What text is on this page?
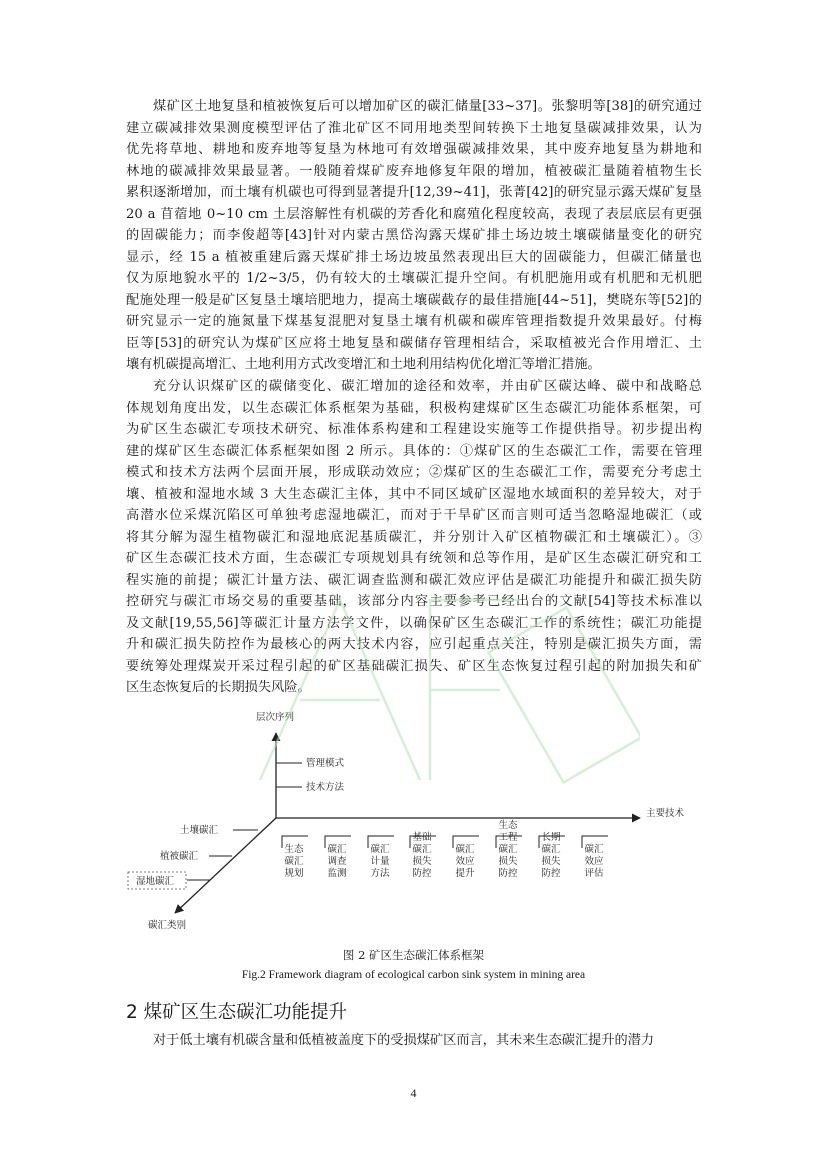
煤矿区土地复垦和植被恢复后可以增加矿区的碳汇储量[33~37]。张黎明等[38]的研究通过
建立碳减排效果测度模型评估了淮北矿区不同用地类型间转换下土地复垦碳减排效果，认为
优先将草地、耕地和废弃地等复垦为林地可有效增强碳减排效果，其中废弃地复垦为耕地和
林地的碳减排效果最显著。一般随着煤矿废弃地修复年限的增加，植被碳汇量随着植物生长
累积逐渐增加，而土壤有机碳也可得到显著提升[12,39~41]，张菁[42]的研究显示露天煤矿复垦
20 a 苜蓿地 0~10 cm 土层溶解性有机碳的芳香化和腐殖化程度较高，表现了表层底层有更强
的固碳能力；而李俊超等[43]针对内蒙古黑岱沟露天煤矿排土场边坡土壤碳储量变化的研究
显示，经 15 a 植被重建后露天煤矿排土场边坡虽然表现出巨大的固碳能力，但碳汇储量也
仅为原地貌水平的 1/2~3/5，仍有较大的土壤碳汇提升空间。有机肥施用或有机肥和无机肥
配施处理一般是矿区复垦土壤培肥地力，提高土壤碳截存的最佳措施[44~51]，樊晓东等[52]的
研究显示一定的施氮量下煤基复混肥对复垦土壤有机碳和碳库管理指数提升效果最好。付梅
臣等[53]的研究认为煤矿区应将土地复垦和碳储存管理相结合，采取植被光合作用增汇、土
壤有机碳提高增汇、土地利用方式改变增汇和土地利用结构优化增汇等增汇措施。
充分认识煤矿区的碳储变化、碳汇增加的途径和效率，并由矿区碳达峰、碳中和战略总
体规划角度出发，以生态碳汇体系框架为基础，积极构建煤矿区生态碳汇功能体系框架，可
为矿区生态碳汇专项技术研究、标准体系构建和工程建设实施等工作提供指导。初步提出构
建的煤矿区生态碳汇体系框架如图 2 所示。具体的：①煤矿区的生态碳汇工作，需要在管理
模式和技术方法两个层面开展，形成联动效应；②煤矿区的生态碳汇工作，需要充分考虑土
壤、植被和湿地水域 3 大生态碳汇主体，其中不同区域矿区湿地水域面积的差异较大，对于
高潜水位采煤沉陷区可单独考虑湿地碳汇，而对于干旱矿区而言则可适当忽略湿地碳汇（或
将其分解为湿生植物碳汇和湿地底泥基质碳汇，并分别计入矿区植物碳汇和土壤碳汇）。③
矿区生态碳汇技术方面，生态碳汇专项规划具有统领和总等作用，是矿区生态碳汇研究和工
程实施的前提；碳汇计量方法、碳汇调查监测和碳汇效应评估是碳汇功能提升和碳汇损失防
控研究与碳汇市场交易的重要基础，该部分内容主要参考已经出台的文献[54]等技术标准以
及文献[19,55,56]等碳汇计量方法学文件，以确保矿区生态碳汇工作的系统性；碳汇功能提
升和碳汇损失防控作为最核心的两大技术内容，应引起重点关注，特别是碳汇损失方面，需
要统筹处理煤炭开采过程引起的矿区基础碳汇损失、矿区生态恢复过程引起的附加损失和矿
区生态恢复后的长期损失风险。
层次序列
管理模式
技术方法
主要技术
碳汇类别
土壤碳汇
植被碳汇
湿地碳汇
生态
碳汇
规划
碳汇
调查
监测
碳汇
计量
方法
基础
碳汇
损失
防控
碳汇
效应
提升
生态
工程
碳汇
损失
防控
长期
碳汇
损失
防控
碳汇
效应
评估
图 2 矿区生态碳汇体系框架
Fig.2 Framework diagram of ecological carbon sink system in mining area
2 煤矿区生态碳汇功能提升
对于低土壤有机碳含量和低植被盖度下的受损煤矿区而言，其未来生态碳汇提升的潜力
4
